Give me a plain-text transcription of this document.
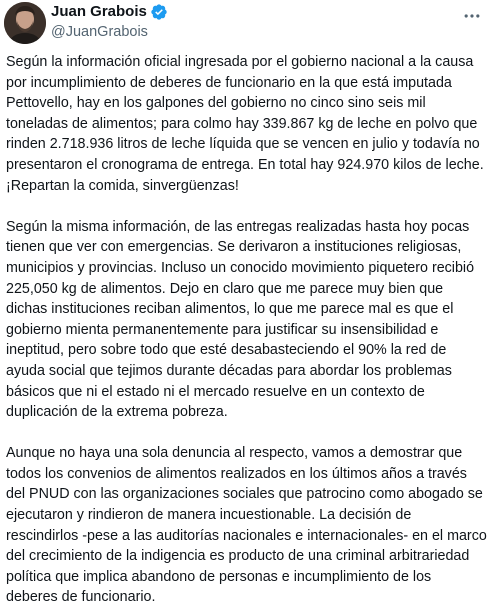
Juan Grabois
@JuanGrabois
Según la información oficial ingresada por el gobierno nacional a la causa
por incumplimiento de deberes de funcionario en la que está imputada
Pettovello, hay en los galpones del gobierno no cinco sino seis mil
toneladas de alimentos; para colmo hay 339.867 kg de leche en polvo que
rinden 2.718.936 litros de leche líquida que se vencen en julio y todavía no
presentaron el cronograma de entrega. En total hay 924.970 kilos de leche.
¡Repartan la comida, sinvergüenzas!
Según la misma información, de las entregas realizadas hasta hoy pocas
tienen que ver con emergencias. Se derivaron a instituciones religiosas,
municipios y provincias. Incluso un conocido movimiento piquetero recibió
225,050 kg de alimentos. Dejo en claro que me parece muy bien que
dichas instituciones reciban alimentos, lo que me parece mal es que el
gobierno mienta permanentemente para justificar su insensibilidad e
ineptitud, pero sobre todo que esté desabasteciendo el 90% la red de
ayuda social que tejimos durante décadas para abordar los problemas
básicos que ni el estado ni el mercado resuelve en un contexto de
duplicación de la extrema pobreza.
Aunque no haya una sola denuncia al respecto, vamos a demostrar que
todos los convenios de alimentos realizados en los últimos años a través
del PNUD con las organizaciones sociales que patrocino como abogado se
ejecutaron y rindieron de manera incuestionable. La decisión de
rescindirlos -pese a las auditorías nacionales e internacionales- en el marco
del crecimiento de la indigencia es producto de una criminal arbitrariedad
política que implica abandono de personas e incumplimiento de los
deberes de funcionario.
